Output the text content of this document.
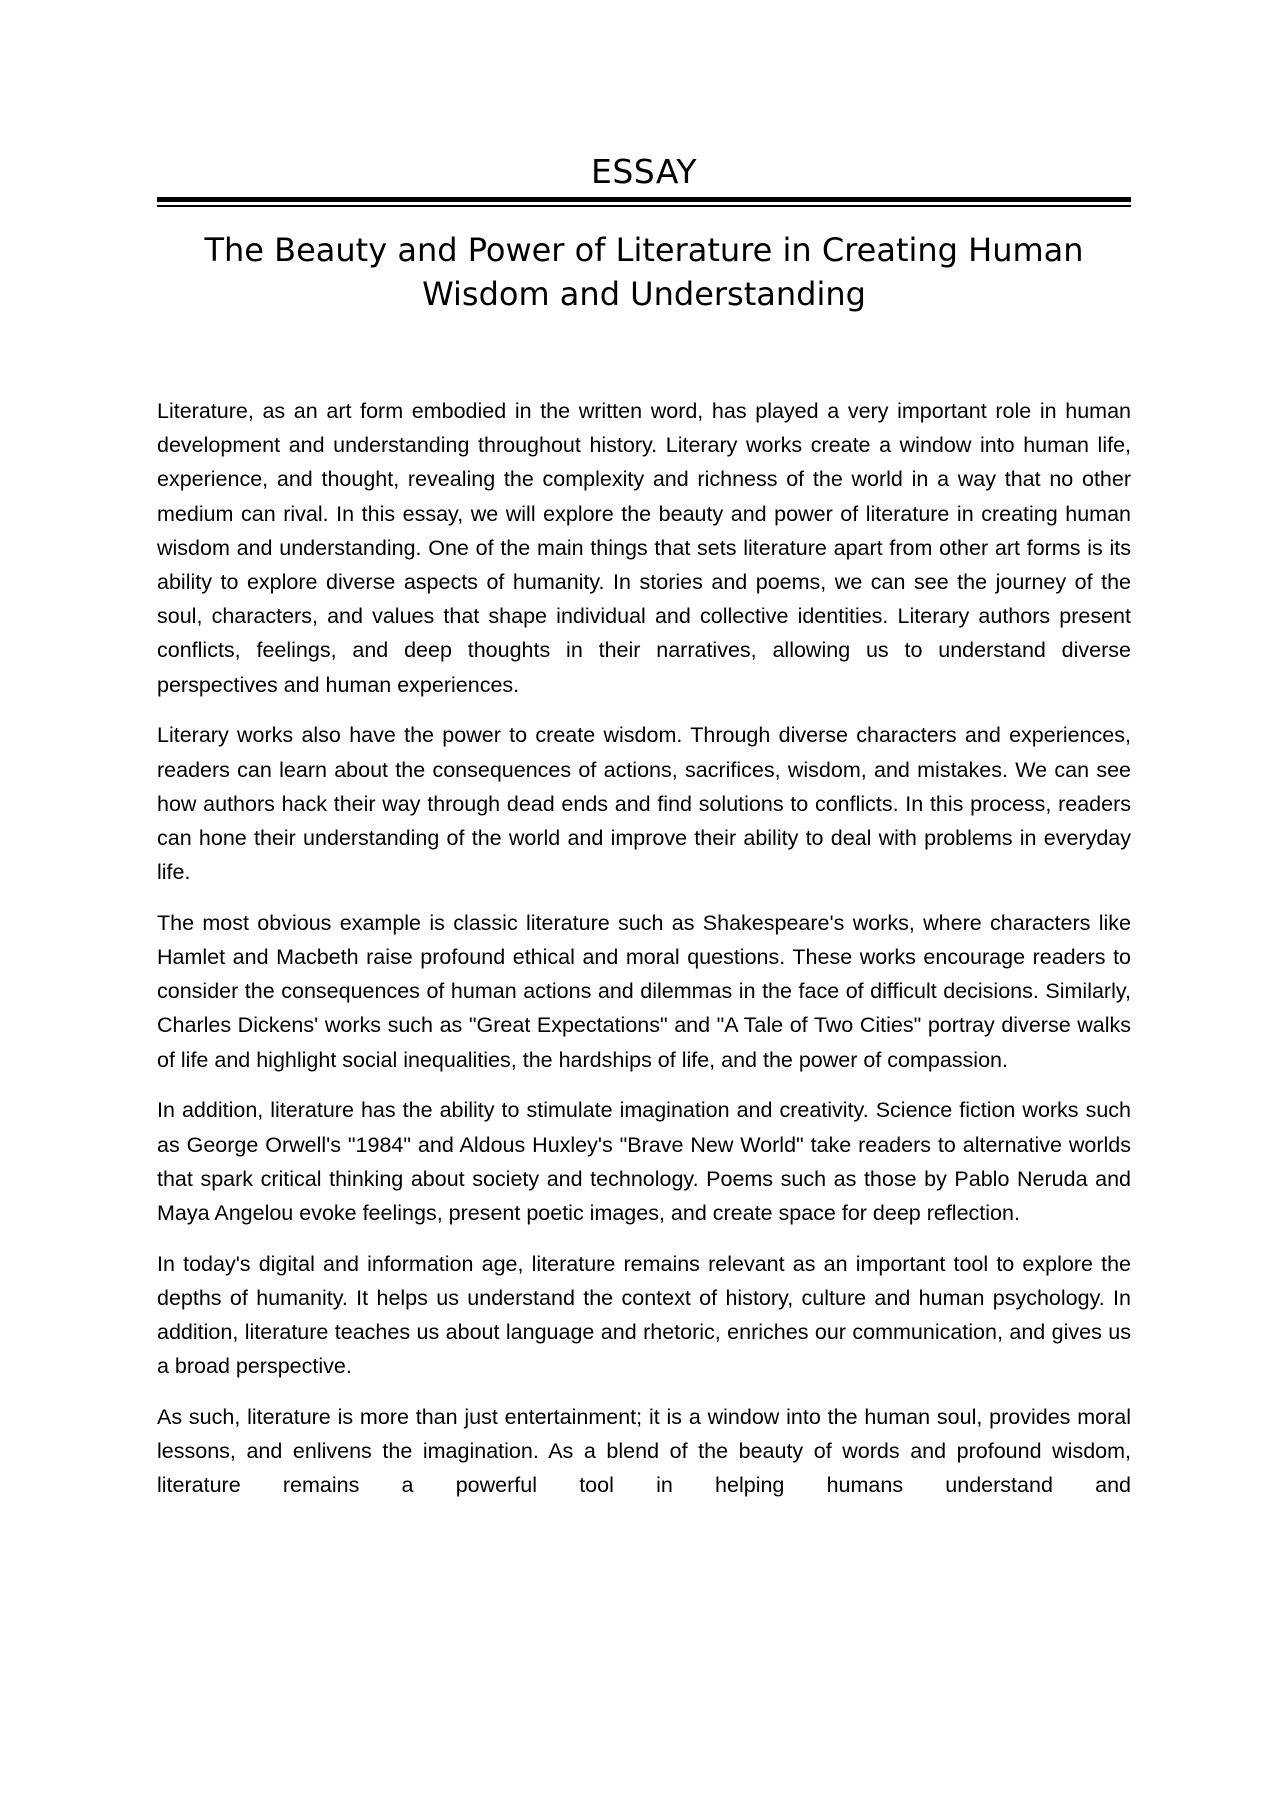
ESSAY
The Beauty and Power of Literature in Creating Human Wisdom and Understanding

Literature, as an art form embodied in the written word, has played a very important role in human development and understanding throughout history. Literary works create a window into human life, experience, and thought, revealing the complexity and richness of the world in a way that no other medium can rival. In this essay, we will explore the beauty and power of literature in creating human wisdom and understanding. One of the main things that sets literature apart from other art forms is its ability to explore diverse aspects of humanity. In stories and poems, we can see the journey of the soul, characters, and values that shape individual and collective identities. Literary authors present conflicts, feelings, and deep thoughts in their narratives, allowing us to understand diverse perspectives and human experiences.

Literary works also have the power to create wisdom. Through diverse characters and experiences, readers can learn about the consequences of actions, sacrifices, wisdom, and mistakes. We can see how authors hack their way through dead ends and find solutions to conflicts. In this process, readers can hone their understanding of the world and improve their ability to deal with problems in everyday life.

The most obvious example is classic literature such as Shakespeare's works, where characters like Hamlet and Macbeth raise profound ethical and moral questions. These works encourage readers to consider the consequences of human actions and dilemmas in the face of difficult decisions. Similarly, Charles Dickens' works such as "Great Expectations" and "A Tale of Two Cities" portray diverse walks of life and highlight social inequalities, the hardships of life, and the power of compassion.

In addition, literature has the ability to stimulate imagination and creativity. Science fiction works such as George Orwell's "1984" and Aldous Huxley's "Brave New World" take readers to alternative worlds that spark critical thinking about society and technology. Poems such as those by Pablo Neruda and Maya Angelou evoke feelings, present poetic images, and create space for deep reflection.

In today's digital and information age, literature remains relevant as an important tool to explore the depths of humanity. It helps us understand the context of history, culture and human psychology. In addition, literature teaches us about language and rhetoric, enriches our communication, and gives us a broad perspective.

As such, literature is more than just entertainment; it is a window into the human soul, provides moral lessons, and enlivens the imagination. As a blend of the beauty of words and profound wisdom, literature remains a powerful tool in helping humans understand and
